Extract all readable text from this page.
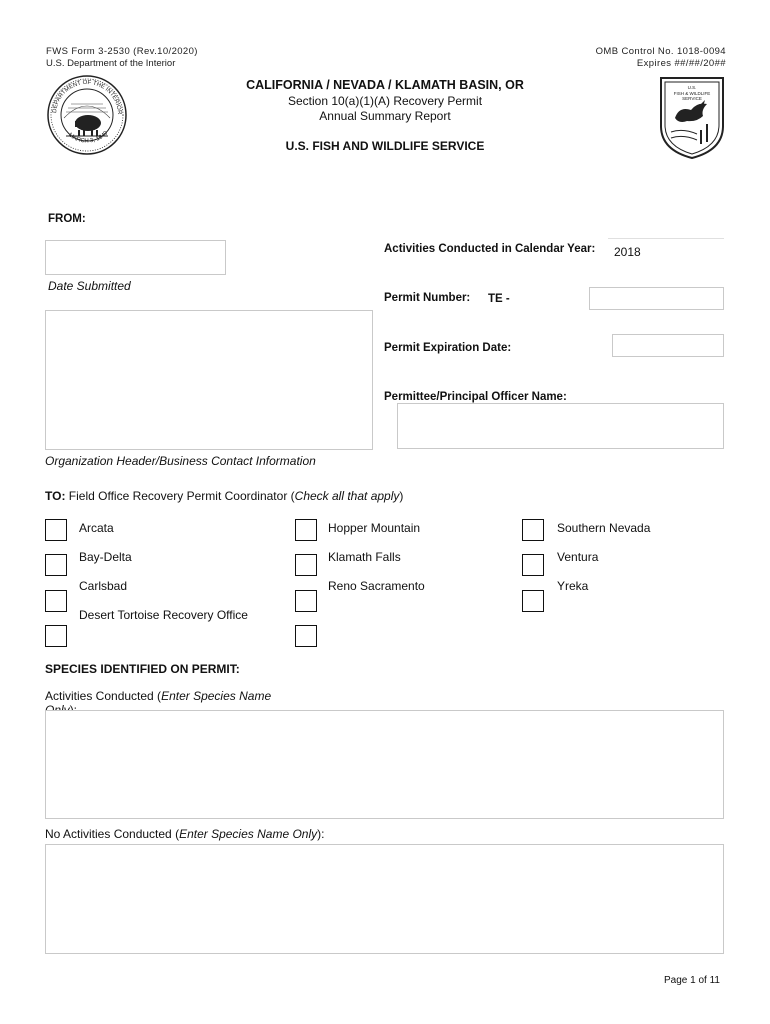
FWS Form 3-2530 (Rev.10/2020)
U.S. Department of the Interior
OMB Control No. 1018-0094
Expires ##/##/20##
DEPARTMENT OF THE INTERIOR
MARCH 3, 1849
U.S.
FISH & WILDLIFE
SERVICE
CALIFORNIA / NEVADA / KLAMATH BASIN, OR
Section 10(a)(1)(A) Recovery Permit
Annual Summary Report
U.S. FISH AND WILDLIFE SERVICE
FROM:
Date Submitted
Organization Header/Business Contact Information
Activities Conducted in Calendar Year: 2018
Permit Number: TE -
Permit Expiration Date:
Permittee/Principal Officer Name:
TO: Field Office Recovery Permit Coordinator (Check all that apply)
Arcata
Bay-Delta
Carlsbad
Desert Tortoise Recovery Office
Hopper Mountain
Klamath Falls
Reno Sacramento
Southern Nevada
Ventura
Yreka
SPECIES IDENTIFIED ON PERMIT:
Activities Conducted (Enter Species Name

No Activities Conducted (Enter Species Name Only):
Page 1 of 11
